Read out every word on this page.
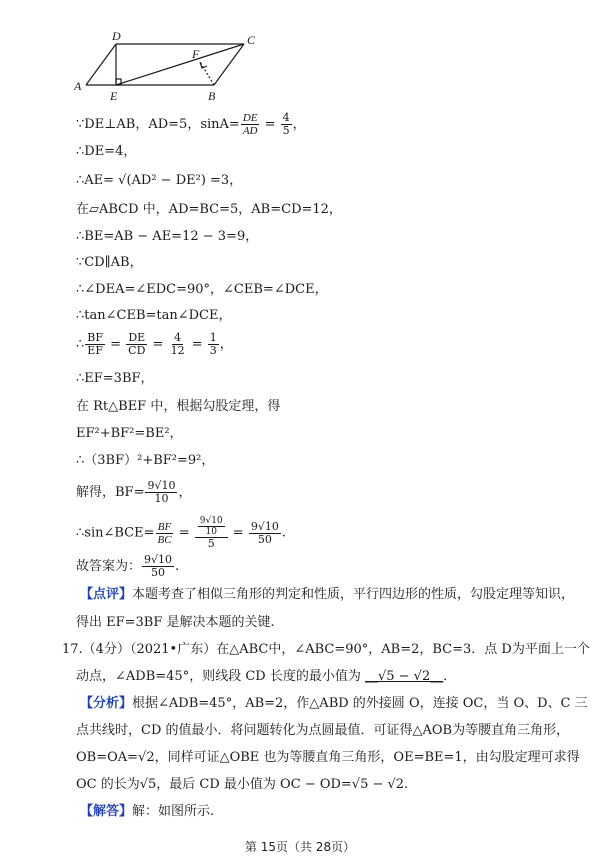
A
D	C
F
E	B
∵DE⊥AB，AD=5，$\sin A= \frac{DE}{AD} = \frac{4}{5}$ ，
∴DE=4，
∴AE= √(AD² − DE²) =3，
在▱ABCD 中，AD=BC=5，AB=CD=12，
∴BE=AB − AE=12 − 3=9，
∵CD∥AB，
∴∠DEA=∠EDC=90°，∠CEB=∠DCE，
∴tan∠CEB=tan∠DCE，
∴ $\frac{BF}{EF} = \frac{DE}{CD} = \frac{4}{12} = \frac{1}{3}$ ，
∴EF=3BF，
在 Rt△BEF 中，根据勾股定理，得
EF²+BF²=BE²，
∴（3BF）²+BF²=9²，
解得，$BF= \frac{9√10}{10}$ ，
∴sin∠BCE= $\frac{BF}{BC} = \frac{\frac{9√10}{10}}{5} = \frac{9√10}{50}$ .
故答案为： $\frac{9√10}{50}$ .
【点评】本题考查了相似三角形的判定和性质，平行四边形的性质，勾股定理等知识，
得出 EF=3BF 是解决本题的关键.
17.（4分）（2021•广东）在△ABC中，∠ABC=90°，AB=2，BC=3．点 D为平面上一个
动点，∠ADB=45°，则线段 CD 长度的最小值为 __√5 − √2__．
【分析】根据∠ADB=45°，AB=2，作△ABD 的外接圆 O，连接 OC，当 O、D、C 三
点共线时，CD 的值最小．将问题转化为点圆最值．可证得△AOB为等腰直角三角形，
OB=OA=√2，同样可证△OBE 也为等腰直角三角形，OE=BE=1，由勾股定理可求得
OC 的长为√5，最后 CD 最小值为 OC − OD=√5 − √2.
【解答】解：如图所示.
第 15页（共 28页）
